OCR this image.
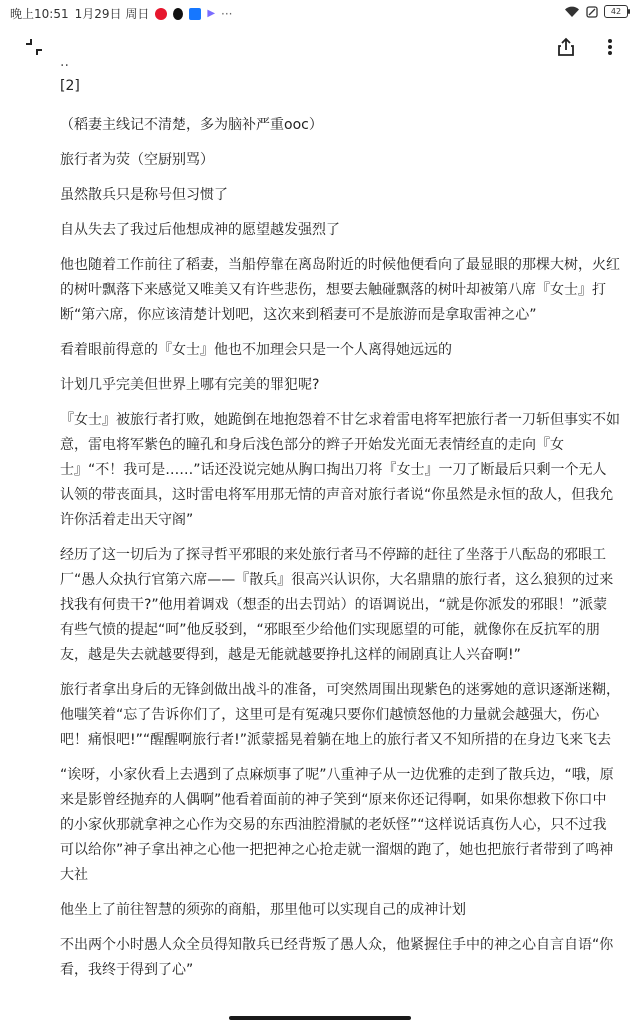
晚上10:51 1月29日 周日	▶ ···	42

··

[2]

（稻妻主线记不清楚，多为脑补严重ooc）

旅行者为荧（空厨别骂）

虽然散兵只是称号但习惯了

自从失去了我过后他想成神的愿望越发强烈了

他也随着工作前往了稻妻，当船停靠在离岛附近的时候他便看向了最显眼的那棵大树，火红的树叶飘落下来感觉又唯美又有许些悲伤，想要去触碰飘落的树叶却被第八席『女士』打断“第六席，你应该清楚计划吧，这次来到稻妻可不是旅游而是拿取雷神之心”

看着眼前得意的『女士』他也不加理会只是一个人离得她远远的

计划几乎完美但世界上哪有完美的罪犯呢?

『女士』被旅行者打败，她跪倒在地抱怨着不甘乞求着雷电将军把旅行者一刀斩但事实不如意，雷电将军紫色的瞳孔和身后浅色部分的辫子开始发光面无表情经直的走向『女士』“不！我可是……”话还没说完她从胸口掏出刀将『女士』一刀了断最后只剩一个无人认领的带丧面具，这时雷电将军用那无情的声音对旅行者说“你虽然是永恒的敌人，但我允许你活着走出天守阁”

经历了这一切后为了探寻哲平邪眼的来处旅行者马不停蹄的赶往了坐落于八酝岛的邪眼工厂“愚人众执行官第六席——『散兵』很高兴认识你，大名鼎鼎的旅行者，这么狼狈的过来找我有何贵干?”他用着调戏（想歪的出去罚站）的语调说出，“就是你派发的邪眼！”派蒙有些气愤的提起“呵”他反驳到，“邪眼至少给他们实现愿望的可能，就像你在反抗军的朋友，越是失去就越要得到，越是无能就越要挣扎这样的闹剧真让人兴奋啊!”

旅行者拿出身后的无锋剑做出战斗的准备，可突然周围出现紫色的迷雾她的意识逐渐迷糊，他嗤笑着“忘了告诉你们了，这里可是有冤魂只要你们越愤怒他的力量就会越强大，伤心吧！痛恨吧!”“醒醒啊旅行者!”派蒙摇晃着躺在地上的旅行者又不知所措的在身边飞来飞去

“诶呀，小家伙看上去遇到了点麻烦事了呢”八重神子从一边优雅的走到了散兵边，“哦，原来是影曾经抛弃的人偶啊”他看着面前的神子笑到“原来你还记得啊，如果你想救下你口中的小家伙那就拿神之心作为交易的东西油腔滑腻的老妖怪”“这样说话真伤人心，只不过我可以给你”神子拿出神之心他一把把神之心抢走就一溜烟的跑了，她也把旅行者带到了鸣神大社

他坐上了前往智慧的须弥的商船，那里他可以实现自己的成神计划

不出两个小时愚人众全员得知散兵已经背叛了愚人众，他紧握住手中的神之心自言自语“你看，我终于得到了心”
